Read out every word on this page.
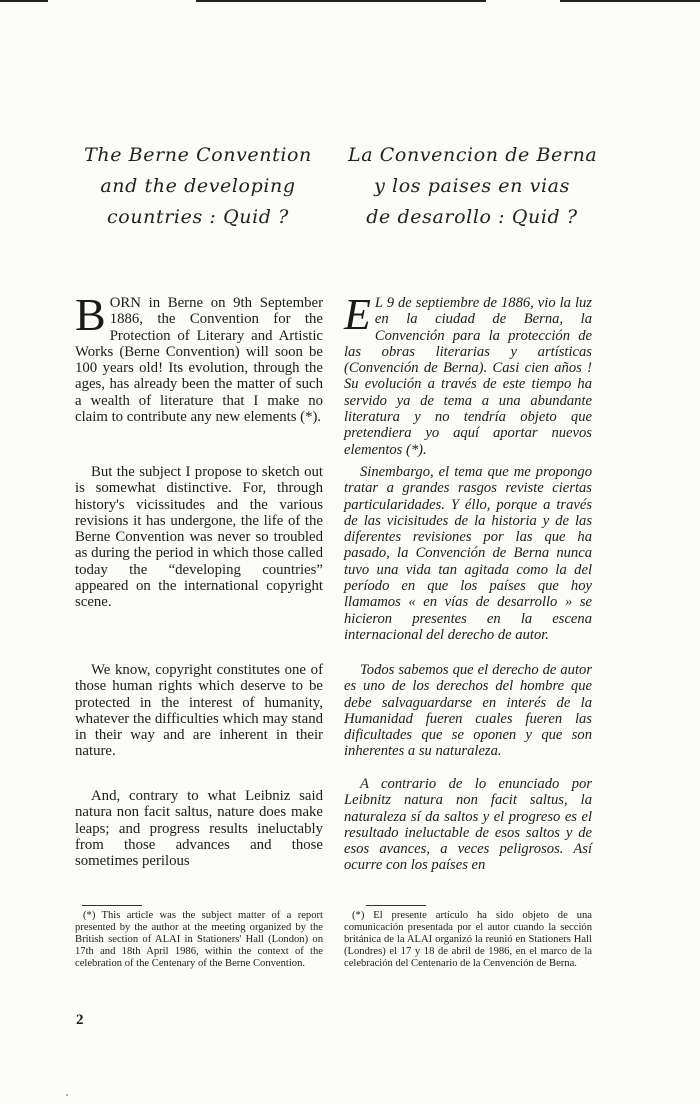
The Berne Convention
and the developing
countries : Quid ?
La Convencion de Berna
y los paises en vias
de desarollo : Quid ?

BORN in Berne on 9th September 1886, the Convention for the Protection of Literary and Artistic Works (Berne Convention) will soon be 100 years old! Its evolution, through the ages, has already been the matter of such a wealth of literature that I make no claim to contribute any new elements (*).

But the subject I propose to sketch out is somewhat distinctive. For, through history's vicissitudes and the various revisions it has undergone, the life of the Berne Convention was never so troubled as during the period in which those called today the “developing countries” appeared on the international copyright scene.

We know, copyright constitutes one of those human rights which deserve to be protected in the interest of humanity, whatever the difficulties which may stand in their way and are inherent in their nature.

And, contrary to what Leibniz said natura non facit saltus, nature does make leaps; and progress results ineluctably from those advances and those sometimes perilous

E L 9 de septiembre de 1886, vio la luz en la ciudad de Berna, la Convención para la protección de las obras literarias y artísticas (Convención de Berna). Casi cien años ! Su evolución a través de este tiempo ha servido ya de tema a una abundante literatura y no tendría objeto que pretendiera yo aquí aportar nuevos elementos (*).

Sinembargo, el tema que me propongo tratar a grandes rasgos reviste ciertas particularidades. Y éllo, porque a través de las vicisitudes de la historia y de las diferentes revisiones por las que ha pasado, la Convención de Berna nunca tuvo una vida tan agitada como la del período en que los países que hoy llamamos « en vías de desarrollo » se hicieron presentes en la escena internacional del derecho de autor.

Todos sabemos que el derecho de autor es uno de los derechos del hombre que debe salvaguardarse en interés de la Humanidad fueren cuales fueren las dificultades que se oponen y que son inherentes a su naturaleza.

A contrario de lo enunciado por Leibnitz natura non facit saltus, la naturaleza sí da saltos y el progreso es el resultado ineluctable de esos saltos y de esos avances, a veces peligrosos. Así ocurre con los países en

(*) This article was the subject matter of a report presented by the author at the meeting organized by the British section of ALAI in Stationers' Hall (London) on 17th and 18th April 1986, within the context of the celebration of the Centenary of the Berne Convention.

(*) El presente artículo ha sido objeto de una comunicación presentada por el autor cuando la sección británica de la ALAI organizó la reunió en Stationers Hall (Londres) el 17 y 18 de abril de 1986, en el marco de la celebración del Centenario de la Cenvención de Berna.

2
